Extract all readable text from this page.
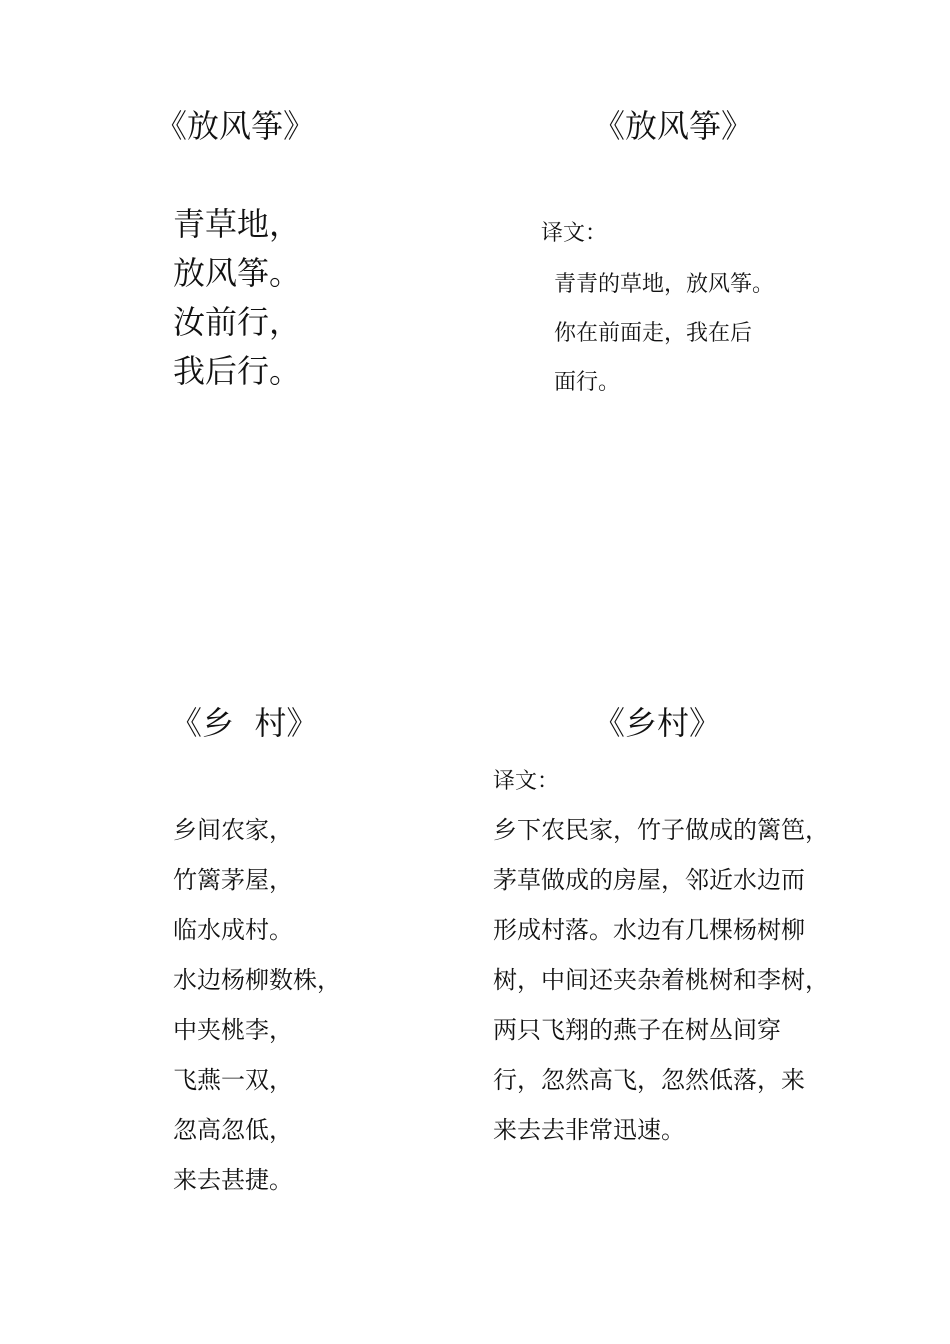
《放风筝》
青草地，
放风筝。
汝前行，
我后行。
《放风筝》
译文：
青青的草地，放风筝。
你在前面走，我在后
面行。
《乡  村》
乡间农家，
竹篱茅屋，
临水成村。
水边杨柳数株，
中夹桃李，
飞燕一双，
忽高忽低，
来去甚捷。
《乡村》
译文：
乡下农民家，竹子做成的篱笆，
茅草做成的房屋，邻近水边而
形成村落。水边有几棵杨树柳
树，中间还夹杂着桃树和李树，
两只飞翔的燕子在树丛间穿
行，忽然高飞，忽然低落，来
来去去非常迅速。
